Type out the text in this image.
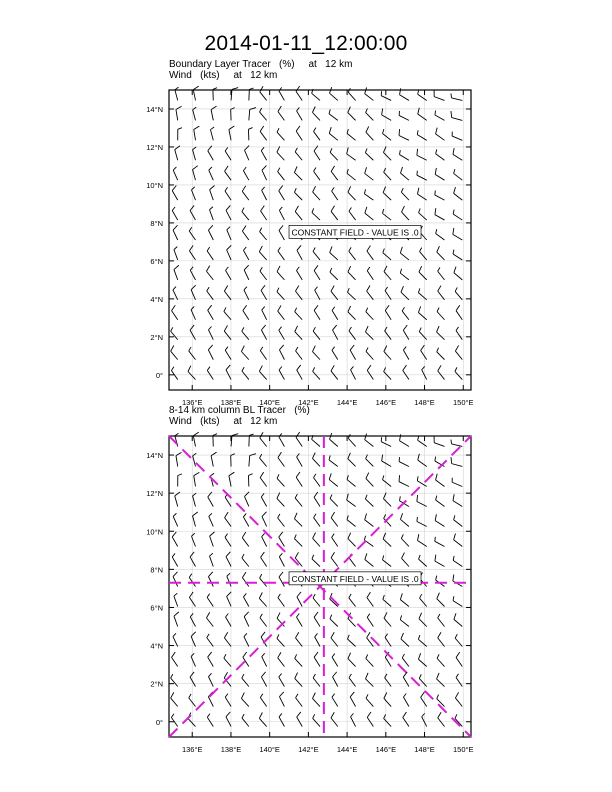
2014-01-11_12:00:00
Boundary Layer Tracer   (%)     at   12 km
Wind   (kts)     at   12 km
8-14 km column BL Tracer   (%)
Wind   (kts)     at   12 km
CONSTANT FIELD - VALUE IS .0
136°E 138°E 140°E 142°E 144°E 146°E 148°E 150°E
0°
2°N
4°N
6°N
8°N
10°N
12°N
14°N
CONSTANT FIELD - VALUE IS .0
136°E 138°E 140°E 142°E 144°E 146°E 148°E 150°E
0°
2°N
4°N
6°N
8°N
10°N
12°N
14°N
